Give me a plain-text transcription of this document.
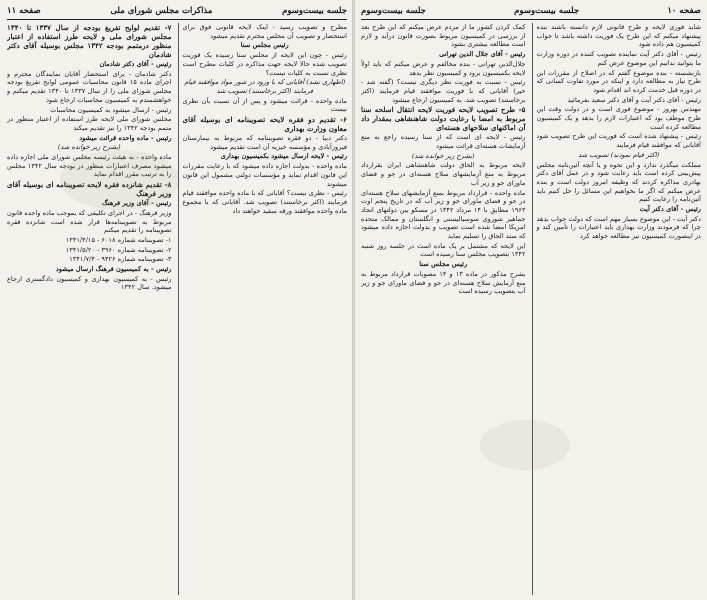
صفحه ۱۰
جلسه بیست‌وسوم
جلسه بیست‌وسوم

شاید فوری لایحه و طرح قانونی لازم دانسته باشند بنده پیشنهاد میکنم که این طرح یک فوریت داشته باشد تا جواب کمیسیون هم داده شود

رئیس - آقای دکتر آیت نماینده تصویب کننده در دوره وزارت ما بتوانید بدانیم این موضوع عرض کنم

بازنشسته - بنده موضوع گفتم که در اصلاح از مقررات این طرح نیاز به مطالعه دارد و اینکه در مورد تفاوت کسانی که در دوره قبل خدمت کرده اند اقدام شود

رئیس - آقای دکتر آیت و آقای دکتر سعید بفرمائید

مهندس بهروز - موضوع فوری است و در دولت وقت این طرح موظف بود که اعتبارات لازم را بدهد و یک کمیسیون مطالعه کرده است

رئیس - پیشنهاد شده است که فوریت این طرح تصویب شود آقایانی که موافقند قیام فرمایند

(اکثر قیام نمودند) تصویب شد

مملکت میگذرد ندارد و این نحوه و یا آنچه آئین‌نامه مجلس پیش‌بینی کرده است باید رعایت شود و در عمل آقای دکتر بهادری مذاکره کردند که وظیفه امروز دولت است و بنده عرض میکنم که اگر ما بخواهیم این مسائل را حل کنیم باید آئین‌نامه را رعایت کنیم

رئیس - آقای دکتر آیت

دکتر آیت - این موضوع بسیار مهم است که دولت جواب بدهد چرا که فرمودند وزارت بهداری باید اعتبارات را تأمین کند و در اینصورت کمیسیون نیز مطالعه خواهد کرد

کمک کردن کشور ما از مردم عرض میکنم که این طرح بعد از بررسی در کمیسیون مربوط بصورت قانون درآید و لازم است مطالعه بیشتری بشود

رئیس - آقای جلال الدین تهرانی

جلال‌الدین تهرانی - بنده مخالفم و عرض میکنم که باید اولاً لایحه بکمیسیون برود و کمیسیون نظر بدهد

رئیس - نسبت به فوریت نظر دیگری نیست؟ (گفته شد - خیر) آقایانی که با فوریت موافقند قیام فرمایند (اکثر برخاستند) تصویب شد. به کمیسیون ارجاع میشود

۵- طرح تصویب لایحه فوریت لایحه انتقال اسلحه سنا مربوط به امضا با رعایت دولت شاهنشاهی بمقدار داد آن اماکنهای سلاحهای هسته‌ای

رئیس - لایحه ای است که از سنا رسیده راجع به منع آزمایشات هسته‌ای قرائت میشود

(بشرح زیر خوانده شد)

لایحه مربوط به الحاق دولت شاهنشاهی ایران بقرارداد مربوط به منع آزمایشهای سلاح هسته‌ای در جو و فضای ماورای جو و زیر آب

ماده واحده - قرارداد مربوط بمنع آزمایشهای سلاح هسته‌ای در جو و فضای ماورای جو و زیر آب که در تاریخ پنجم اوت ۱۹۶۳ مطابق با ۱۴ مرداد ۱۳۴۲ در مسکو بین دولتهای اتحاد جماهیر شوروی سوسیالیستی و انگلستان و ممالک متحده امریکا امضا شده است تصویب و بدولت اجازه داده میشود که سند الحاق را تسلیم نماید

این لایحه که مشتمل بر یک ماده است در جلسه روز شنبه ۱۳۴۲ بتصویب مجلس سنا رسیده است

رئیس مجلس سنا

بشرح مذکور در ماده ۱۳ و ۱۴ مصوبات قرارداد مربوط به منع آزمایش سلاح هسته‌ای در جو و فضای ماورای جو و زیر آب بتصویب رسیده است

جلسه بیست‌وسوم
مذاکرات مجلس شورای ملی
صفحه ۱۱

مطرح و تصویب رسید - اینک لایحه قانونی فوق برای استحضار و تصویب آن مجلس محترم تقدیم میشود

رئیس مجلس سنا

رئیس - چون این لایحه از مجلس سنا رسیده یک فوریت تصویب شده حالا لایحه جهت مذاکره در کلیات مطرح است نظری نسبت به کلیات نیست؟

(اظهاری نشد) آقایانی که با ورود در شور مواد موافقند قیام فرمایند (اکثر برخاستند) تصویب شد

ماده واحده - قرائت میشود و پس از آن نسبت بآن نظری نیست

۶- تقدیم دو فقره لایحه تصویبنامه ای بوسیله آقای معاون وزارت بهداری

دکتر دبیا - دو فقره تصویبنامه که مربوط به بیمارستان فیروزآبادی و مؤسسه خیریه آن است تقدیم میشود

رئیس - لایحه ارسال میشود بکمیسیون بهداری

ماده واحده - بدولت اجازه داده میشود که با رعایت مقررات این قانون اقدام نماید و مؤسسات دولتی مشمول این قانون میشوند

رئیس - نظری نیست؟ آقایانی که با ماده واحده موافقند قیام فرمایند (اکثر برخاستند) تصویب شد. آقایانی که با مجموع ماده واحده موافقند ورقه سفید خواهند داد

۷- تقدیم لوایح تفریغ بودجه از سال ۱۳۳۷ تا ۱۳۴۰ مجلس شورای ملی و لایحه طرز استفاده از اعتبار منظور درمتمم بودجه ۱۳۴۲ مجلس بوسیله آقای دکتر شادمان

رئیس - آقای دکتر شادمان

دکتر شادمان - برای استحضار آقایان نمایندگان محترم و اجرای ماده ۱۵ قانون محاسبات عمومی لوایح تفریغ بودجه مجلس شورای ملی را از سال ۱۳۳۷ تا ۱۳۴۰ تقدیم میکنم و خواهشمندم به کمیسیون محاسبات ارجاع شود

رئیس - ارسال میشود به کمیسیون محاسبات

مجلس شورای ملی لایحه طرز استفاده از اعتبار منظور در متمم بودجه ۱۳۴۲ را نیز تقدیم میکند

رئیس - ماده واحده قرائت میشود

(بشرح زیر خوانده شد)

ماده واحده - به هیئت رئیسه مجلس شورای ملی اجازه داده میشود مصرف اعتبارات منظور در بودجه سال ۱۳۴۲ مجلس را به ترتیب مقرر اقدام نماید

۸- تقدیم شانزده فقره لایحه تصویبنامه ای بوسیله آقای وزیر فرهنگ

رئیس - آقای وزیر فرهنگ

وزیر فرهنگ - در اجرای تکلیفی که بموجب ماده واحده قانون مربوط به تصویبنامه‌ها قرار شده است شانزده فقره تصویبنامه را تقدیم میکنم

۱- تصویبنامه شماره ۶۰۱۸ - ۱۳۴۱/۴/۱۵

۲- تصویبنامه شماره ۳۹۶۰ - ۱۳۴۱/۵/۲۰

۳- تصویبنامه شماره ۹۴۲۶ - ۱۳۴۱/۷/۴

رئیس - به کمیسیون فرهنگ ارسال میشود

رئیس - به کمیسیون بهداری و کمیسیون دادگستری ارجاع میشود. سال ۱۳۴۲
